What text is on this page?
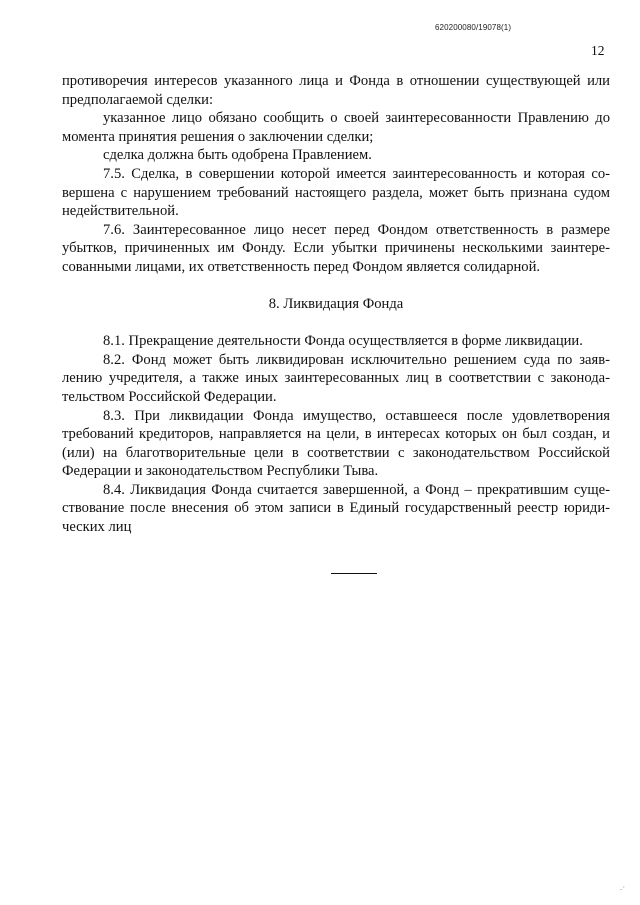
620200080/19078(1)
12

противоречия интересов указанного лица и Фонда в отношении существующей или

предполагаемой сделки:

указанное лицо обязано сообщить о своей заинтересованности Правлению до

момента принятия решения о заключении сделки;

сделка должна быть одобрена Правлением.

7.5. Сделка, в совершении которой имеется заинтересованность и которая со-

вершена с нарушением требований настоящего раздела, может быть признана судом

недействительной.

7.6. Заинтересованное лицо несет перед Фондом ответственность в размере

убытков, причиненных им Фонду. Если убытки причинены несколькими заинтере-

сованными лицами, их ответственность перед Фондом является солидарной.

8. Ликвидация Фонда

8.1. Прекращение деятельности Фонда осуществляется в форме ликвидации.

8.2. Фонд может быть ликвидирован исключительно решением суда по заяв-

лению учредителя, а также иных заинтересованных лиц в соответствии с законода-

тельством Российской Федерации.

8.3. При ликвидации Фонда имущество, оставшееся после удовлетворения

требований кредиторов, направляется на цели, в интересах которых он был создан, и

(или) на благотворительные цели в соответствии с законодательством Российской

Федерации и законодательством Республики Тыва.

8.4. Ликвидация Фонда считается завершенной, а Фонд – прекратившим суще-

ствование после внесения об этом записи в Единый государственный реестр юриди-

ческих лиц

.·
